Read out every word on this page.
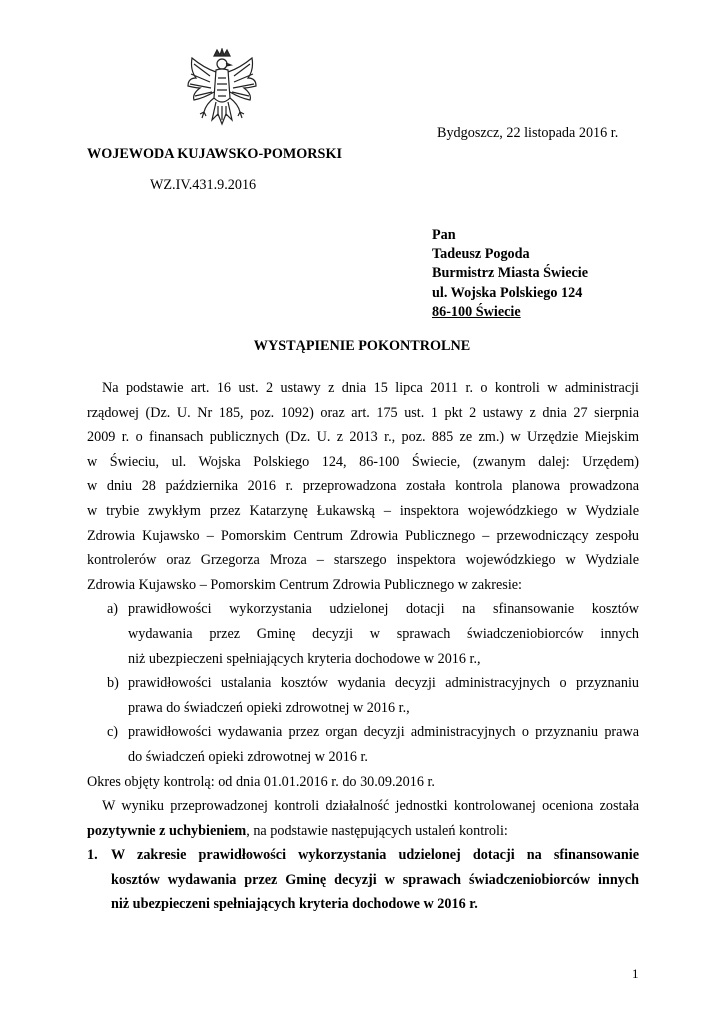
Bydgoszcz, 22 listopada 2016 r.
WOJEWODA KUJAWSKO-POMORSKI
WZ.IV.431.9.2016
Pan
Tadeusz Pogoda
Burmistrz Miasta Świecie
ul. Wojska Polskiego 124
86-100 Świecie
WYSTĄPIENIE POKONTROLNE
Na podstawie art. 16 ust. 2 ustawy z dnia 15 lipca 2011 r. o kontroli w administracji
rządowej (Dz. U. Nr 185, poz. 1092) oraz art. 175 ust. 1 pkt 2 ustawy z dnia 27 sierpnia
2009 r. o finansach publicznych (Dz. U. z 2013 r., poz. 885 ze zm.) w Urzędzie Miejskim
w Świeciu, ul. Wojska Polskiego 124, 86-100 Świecie, (zwanym dalej: Urzędem)
w dniu 28 października 2016 r. przeprowadzona została kontrola planowa prowadzona
w trybie zwykłym przez Katarzynę Łukawską – inspektora wojewódzkiego w Wydziale
Zdrowia Kujawsko – Pomorskim Centrum Zdrowia Publicznego – przewodniczący zespołu
kontrolerów oraz Grzegorza Mroza – starszego inspektora wojewódzkiego w Wydziale
Zdrowia Kujawsko – Pomorskim Centrum Zdrowia Publicznego w zakresie:
a) prawidłowości wykorzystania udzielonej dotacji na sfinansowanie kosztów
wydawania przez Gminę decyzji w sprawach świadczeniobiorców innych
niż ubezpieczeni spełniających kryteria dochodowe w 2016 r.,
b) prawidłowości ustalania kosztów wydania decyzji administracyjnych o przyznaniu
prawa do świadczeń opieki zdrowotnej w 2016 r.,
c) prawidłowości wydawania przez organ decyzji administracyjnych o przyznaniu prawa
do świadczeń opieki zdrowotnej w 2016 r.
Okres objęty kontrolą: od dnia 01.01.2016 r. do 30.09.2016 r.
W wyniku przeprowadzonej kontroli działalność jednostki kontrolowanej oceniona została
pozytywnie z uchybieniem, na podstawie następujących ustaleń kontroli:
1. W zakresie prawidłowości wykorzystania udzielonej dotacji na sfinansowanie
kosztów wydawania przez Gminę decyzji w sprawach świadczeniobiorców innych
niż ubezpieczeni spełniających kryteria dochodowe w 2016 r.
1
